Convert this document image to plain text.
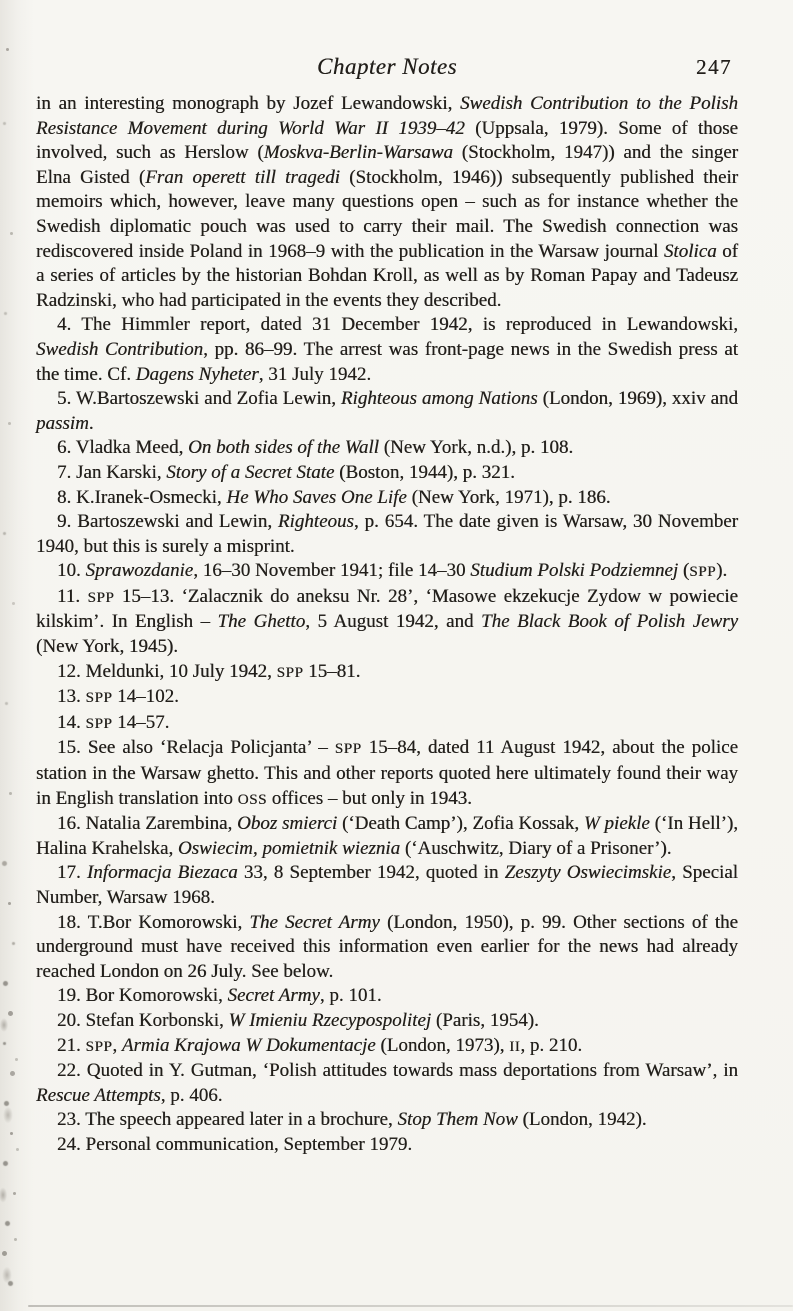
Chapter Notes	247

in an interesting monograph by Jozef Lewandowski, Swedish Contribution to the Polish Resistance Movement during World War II 1939–42 (Uppsala, 1979). Some of those involved, such as Herslow (Moskva-Berlin-Warsawa (Stockholm, 1947)) and the singer Elna Gisted (Fran operett till tragedi (Stockholm, 1946)) subsequently published their memoirs which, however, leave many questions open – such as for instance whether the Swedish diplomatic pouch was used to carry their mail. The Swedish connection was rediscovered inside Poland in 1968–9 with the publication in the Warsaw journal Stolica of a series of articles by the historian Bohdan Kroll, as well as by Roman Papay and Tadeusz Radzinski, who had participated in the events they described.

4. The Himmler report, dated 31 December 1942, is reproduced in Lewandowski, Swedish Contribution, pp. 86–99. The arrest was front-page news in the Swedish press at the time. Cf. Dagens Nyheter, 31 July 1942.

5. W.Bartoszewski and Zofia Lewin, Righteous among Nations (London, 1969), xxiv and passim.

6. Vladka Meed, On both sides of the Wall (New York, n.d.), p. 108.

7. Jan Karski, Story of a Secret State (Boston, 1944), p. 321.

8. K.Iranek-Osmecki, He Who Saves One Life (New York, 1971), p. 186.

9. Bartoszewski and Lewin, Righteous, p. 654. The date given is Warsaw, 30 November 1940, but this is surely a misprint.

10. Sprawozdanie, 16–30 November 1941; file 14–30 Studium Polski Podziemnej (SPP).

11. SPP 15–13. ‘Zalacznik do aneksu Nr. 28’, ‘Masowe ekzekucje Zydow w powiecie kilskim’. In English – The Ghetto, 5 August 1942, and The Black Book of Polish Jewry (New York, 1945).

12. Meldunki, 10 July 1942, SPP 15–81.

13. SPP 14–102.

14. SPP 14–57.

15. See also ‘Relacja Policjanta’ – SPP 15–84, dated 11 August 1942, about the police station in the Warsaw ghetto. This and other reports quoted here ultimately found their way in English translation into OSS offices – but only in 1943.

16. Natalia Zarembina, Oboz smierci (‘Death Camp’), Zofia Kossak, W piekle (‘In Hell’), Halina Krahelska, Oswiecim, pomietnik wieznia (‘Auschwitz, Diary of a Prisoner’).

17. Informacja Biezaca 33, 8 September 1942, quoted in Zeszyty Oswiecimskie, Special Number, Warsaw 1968.

18. T.Bor Komorowski, The Secret Army (London, 1950), p. 99. Other sections of the underground must have received this information even earlier for the news had already reached London on 26 July. See below.

19. Bor Komorowski, Secret Army, p. 101.

20. Stefan Korbonski, W Imieniu Rzecypospolitej (Paris, 1954).

21. SPP, Armia Krajowa W Dokumentacje (London, 1973), II, p. 210.

22. Quoted in Y. Gutman, ‘Polish attitudes towards mass deportations from Warsaw’, in Rescue Attempts, p. 406.

23. The speech appeared later in a brochure, Stop Them Now (London, 1942).

24. Personal communication, September 1979.
